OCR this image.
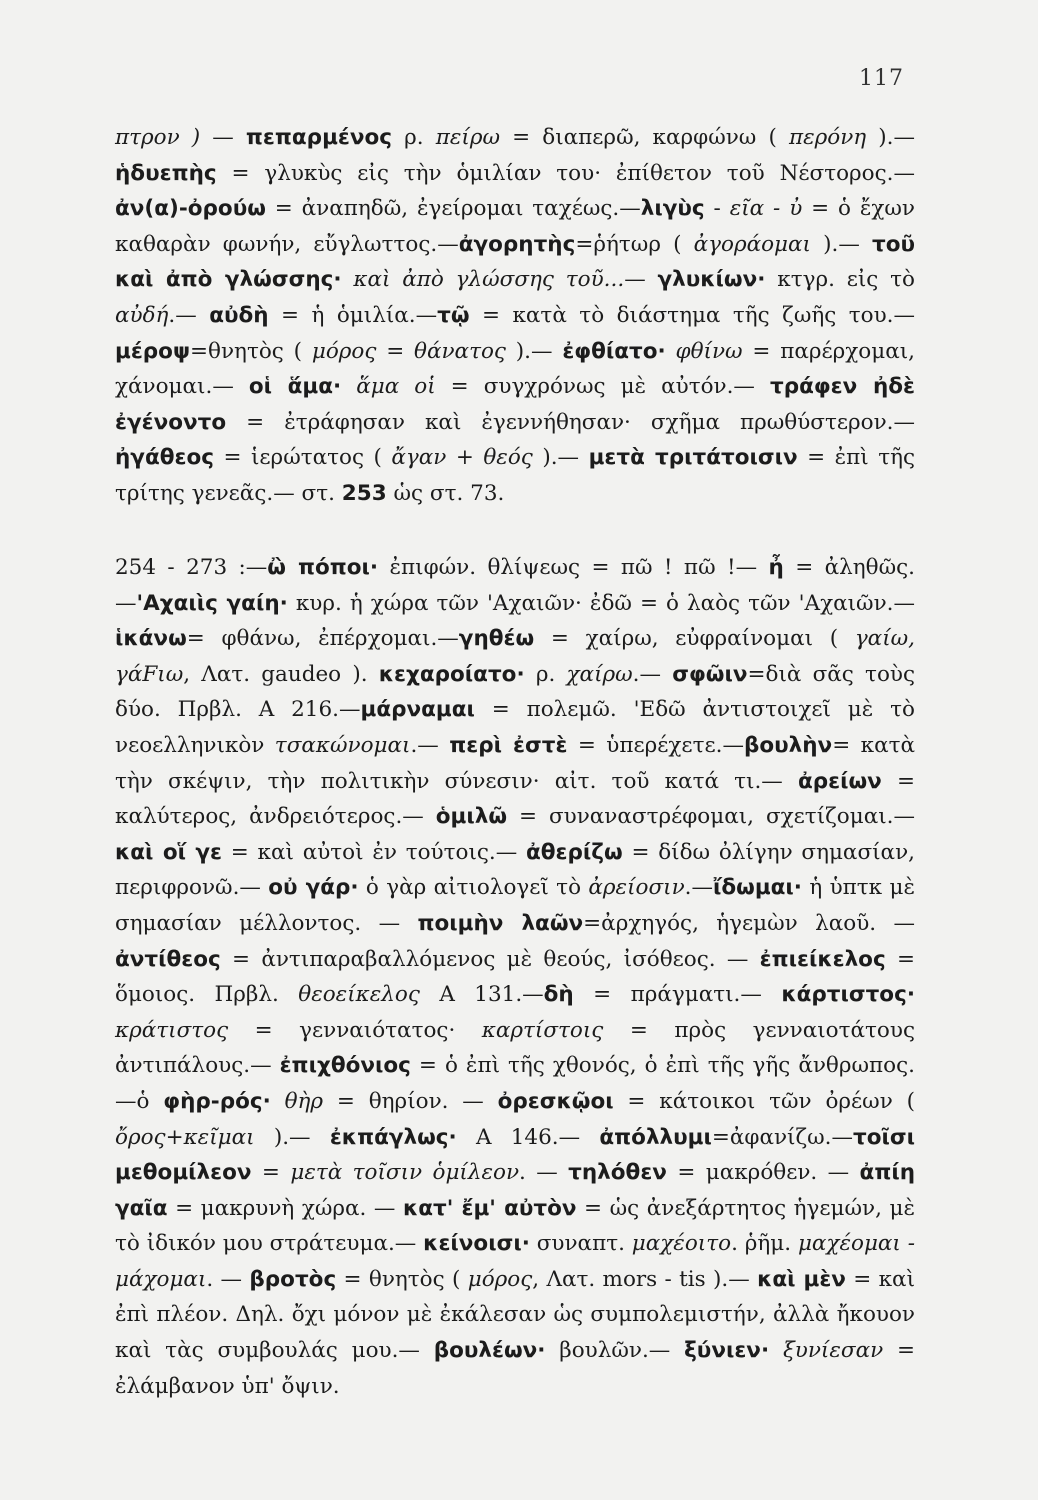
117

πτρον ) — πεπαρμένος ρ. πείρω = διαπερῶ, καρφώνω ( περόνη ).— ἡδυεπὴς = γλυκὺς εἰς τὴν ὁμιλίαν του· ἐπίθετον τοῦ Νέστορος.—ἀν(α)-ὀρούω = ἀναπηδῶ, ἐγείρομαι ταχέως.—λιγὺς - εῖα - ὐ = ὁ ἔχων καθαρὰν φωνήν, εὔγλωττος.—ἀγορητὴς=ῥήτωρ ( ἀγοράομαι ).— τοῦ καὶ ἀπὸ γλώσσης· καὶ ἀπὸ γλώσσης τοῦ...— γλυκίων· κτγρ. εἰς τὸ αὐδή.— αὐδὴ = ἡ ὁμιλία.—τῷ = κατὰ τὸ διάστημα τῆς ζωῆς του.— μέροψ=θνητὸς ( μόρος = θάνατος ).— ἐφθίατο· φθίνω = παρέρχομαι, χάνομαι.— οἱ ἅμα· ἅμα οἱ = συγχρόνως μὲ αὐτόν.— τράφεν ἠδὲ ἐγένοντο = ἐτράφησαν καὶ ἐγεννήθησαν· σχῆμα πρωθύστερον.— ἠγάθεος = ἱερώτατος ( ἄγαν + θεός ).— μετὰ τριτάτοισιν = ἐπὶ τῆς τρίτης γενεᾶς.— στ. 253 ὡς στ. 73.

254 - 273 :—ὢ πόποι· ἐπιφών. θλίψεως = πῶ ! πῶ !— ἦ = ἀληθῶς.—'Αχαιὶς γαίη· κυρ. ἡ χώρα τῶν 'Αχαιῶν· ἐδῶ = ὁ λαὸς τῶν 'Αχαιῶν.— ἱκάνω= φθάνω, ἐπέρχομαι.—γηθέω = χαίρω, εὐφραίνομαι ( γαίω, γάFιω, Λατ. gaudeo ). κεχαροίατο· ρ. χαίρω.— σφῶιν=διὰ σᾶς τοὺς δύο. Πρβλ. Α 216.—μάρναμαι = πολεμῶ. 'Εδῶ ἀντιστοιχεῖ μὲ τὸ νεοελληνικὸν τσακώνομαι.— περὶ ἐστὲ = ὑπερέχετε.—βουλὴν= κατὰ τὴν σκέψιν, τὴν πολιτικὴν σύνεσιν· αἰτ. τοῦ κατά τι.— ἀρείων = καλύτερος, ἀνδρειότερος.— ὁμιλῶ = συναναστρέφομαι, σχετίζομαι.— καὶ οἵ γε = καὶ αὐτοὶ ἐν τούτοις.— ἀθερίζω = δίδω ὀλίγην σημασίαν, περιφρονῶ.— οὐ γάρ· ὁ γὰρ αἰτιολογεῖ τὸ ἀρείοσιν.—ἴδωμαι· ἡ ὑπτκ μὲ σημασίαν μέλλοντος. — ποιμὴν λαῶν=ἀρχηγός, ἡγεμὼν λαοῦ. — ἀντίθεος = ἀντιπαραβαλλόμενος μὲ θεούς, ἰσόθεος. — ἐπιείκελος = ὅμοιος. Πρβλ. θεοείκελος Α 131.—δὴ = πράγματι.— κάρτιστος· κράτιστος = γενναιότατος· καρτίστοις = πρὸς γενναιοτάτους ἀντιπάλους.— ἐπιχθόνιος = ὁ ἐπὶ τῆς χθονός, ὁ ἐπὶ τῆς γῆς ἄνθρωπος.—ὁ φὴρ-ρός· θὴρ = θηρίον. — ὀρεσκῷοι = κάτοικοι τῶν ὀρέων ( ὄρος+κεῖμαι ).— ἐκπάγλως· Α 146.— ἀπόλλυμι=ἀφανίζω.—τοῖσι μεθομίλεον = μετὰ τοῖσιν ὁμίλεον. — τηλόθεν = μακρόθεν. — ἀπίη γαῖα = μακρυνὴ χώρα. — κατ' ἔμ' αὐτὸν = ὡς ἀνεξάρτητος ἡγεμών, μὲ τὸ ἰδικόν μου στράτευμα.— κείνοισι· συναπτ. μαχέοιτο. ῥῆμ. μαχέομαι - μάχομαι. — βροτὸς = θνητὸς ( μόρος, Λατ. mors - tis ).— καὶ μὲν = καὶ ἐπὶ πλέον. Δηλ. ὄχι μόνον μὲ ἐκάλεσαν ὡς συμπολεμιστήν, ἀλλὰ ἤκουον καὶ τὰς συμβουλάς μου.— βουλέων· βουλῶν.— ξύνιεν· ξυνίεσαν = ἐλάμβανον ὑπ' ὄψιν.
